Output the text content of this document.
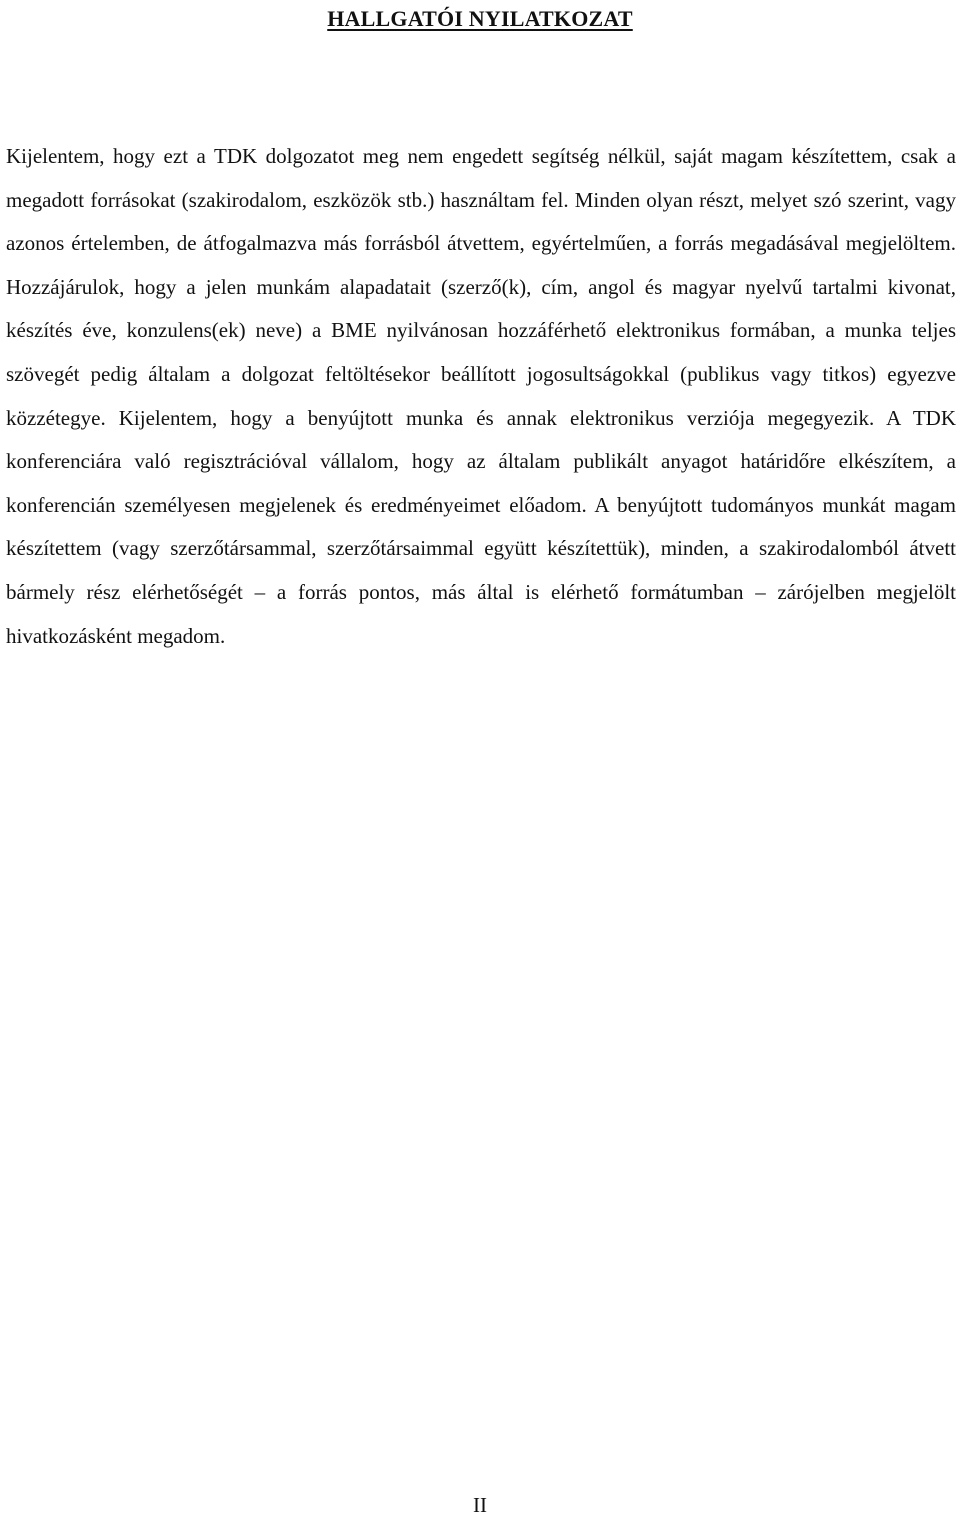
HALLGATÓI NYILATKOZAT

Kijelentem, hogy ezt a TDK dolgozatot meg nem engedett segítség nélkül, saját magam készítettem, csak a megadott forrásokat (szakirodalom, eszközök stb.) használtam fel. Minden olyan részt, melyet szó szerint, vagy azonos értelemben, de átfogalmazva más forrásból átvettem, egyértelműen, a forrás megadásával megjelöltem. Hozzájárulok, hogy a jelen munkám alapadatait (szerző(k), cím, angol és magyar nyelvű tartalmi kivonat, készítés éve, konzulens(ek) neve) a BME nyilvánosan hozzáférhető elektronikus formában, a munka teljes szövegét pedig általam a dolgozat feltöltésekor beállított jogosultságokkal (publikus vagy titkos) egyezve közzétegye. Kijelentem, hogy a benyújtott munka és annak elektronikus verziója megegyezik. A TDK konferenciára való regisztrációval vállalom, hogy az általam publikált anyagot határidőre elkészítem, a konferencián személyesen megjelenek és eredményeimet előadom. A benyújtott tudományos munkát magam készítettem (vagy szerzőtársammal, szerzőtársaimmal együtt készítettük), minden, a szakirodalomból átvett bármely rész elérhetőségét – a forrás pontos, más által is elérhető formátumban – zárójelben megjelölt hivatkozásként megadom.

II
